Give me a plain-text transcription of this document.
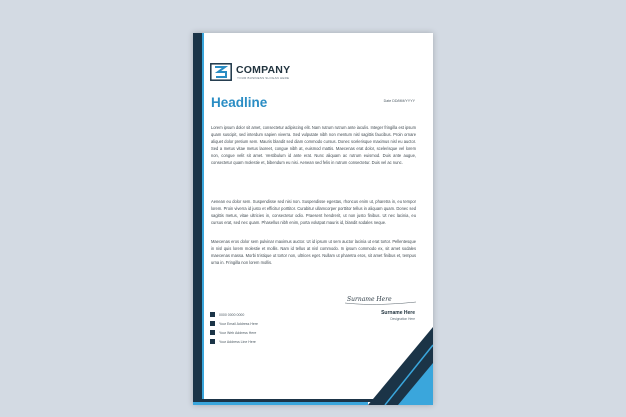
COMPANY
YOUR BUSINESS SLOGAN HERE
Headline	Date DD/MM/YYYY

Lorem ipsum dolor sit amet, consectetur adipiscing elit. Nam rutrum rutrum ante iaculis. Integer fringilla est ipsum quam suscipit, sed interdum sapien viverra. Sed vulputate nibh non mentum nisl sagittis faucibus. Proin ornare aliquet dolor pretium sem. Mauris blandit sed diam commodo cursus. Donec scelerisque maximus nisl eu auctor. Sed a metus vitae metus laoreet, congue nibh at, euismod mattis. Maecenas erat dolor, scelerisque vel lorem non, congue velit sit amet. Vestibulum id ante erat. Nunc aliquam ac rutrum euismod. Duis ante augue, consectetur quam molestie et, bibendum eu nisi. Aenean sed felis in rutrum consectetur. Duis vel ac nunc.

Aenean eu dolor sem. Suspendisse sed nisi non. Suspendisse egestas, rhoncus enim ut, pharetra in, eu tempor lorem. Proin viverra id justo et efficitur porttitor. Curabitur ullamcorper porttitor tellus in aliquam quam. Donec sed sagittis metus, vitae ultricies in, consectetur odio. Praesent hendrerit, ut non justo finibus. Ut nec lacinia, eu cursus erat, sed nec quam. Phasellus nibh enim, porta volutpat mauris id, blandit sodales neque.

Maecenas eros dolor sem pulvinar maximus auctor. Ut id ipsum ut sem auctor lacinia ut erat tortor. Pellentesque in nisl quis lorem molestie et mollis. Nam id tellus at nisl commodo. In ipsum commodo ex, sit amet sodales maecenas massa. Morbi tristique ut tortor non, ultrices eget. Nullam ut pharetra eros, sit amet finibus et, tempus urna in. Fringilla non lorem mollis.

Surname Here
Surname Here
Designation Here
0000 0000 0000
Your Email Address Here
Your Web Address Here
Your Address Line Here
